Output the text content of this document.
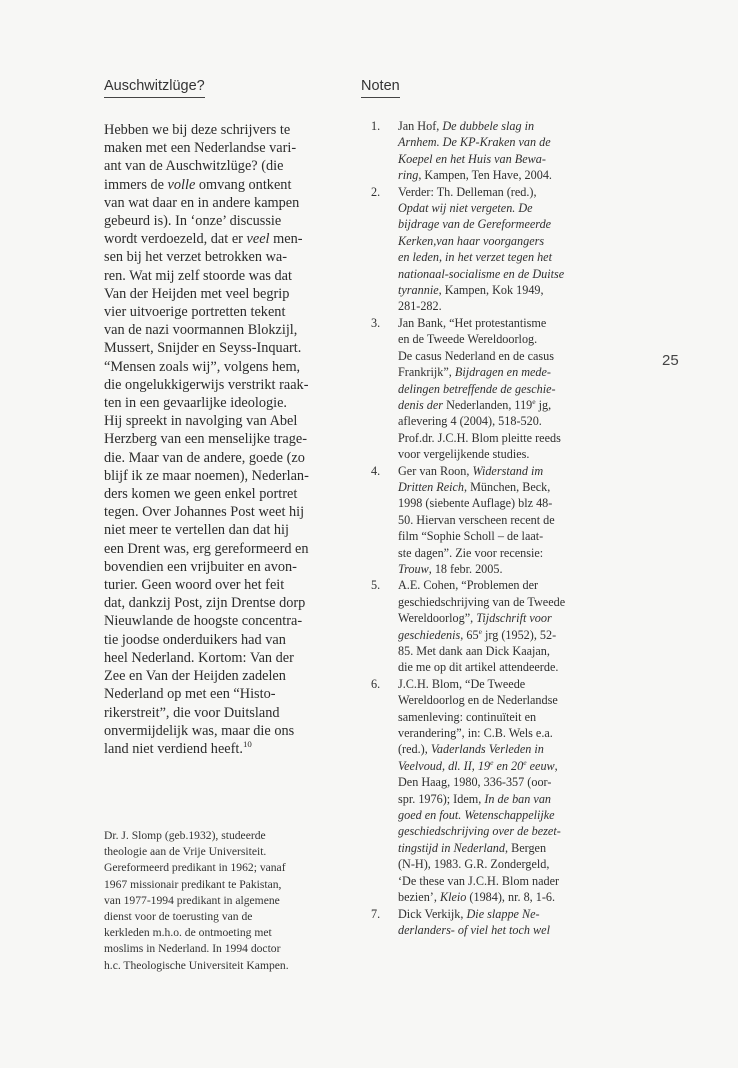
Auschwitzlüge?	Noten
Hebben we bij deze schrijvers te
maken met een Nederlandse vari-
ant van de Auschwitzlüge? (die
immers de volle omvang ontkent
van wat daar en in andere kampen
gebeurd is). In ‘onze’ discussie
wordt verdoezeld, dat er veel men-
sen bij het verzet betrokken wa-
ren. Wat mij zelf stoorde was dat
Van der Heijden met veel begrip
vier uitvoerige portretten tekent
van de nazi voormannen Blokzijl,
Mussert, Snijder en Seyss-Inquart.
“Mensen zoals wij”, volgens hem,
die ongelukkigerwijs verstrikt raak-
ten in een gevaarlijke ideologie.
Hij spreekt in navolging van Abel
Herzberg van een menselijke trage-
die. Maar van de andere, goede (zo
blijf ik ze maar noemen), Nederlan-
ders komen we geen enkel portret
tegen. Over Johannes Post weet hij
niet meer te vertellen dan dat hij
een Drent was, erg gereformeerd en
bovendien een vrijbuiter en avon-
turier. Geen woord over het feit
dat, dankzij Post, zijn Drentse dorp
Nieuwlande de hoogste concentra-
tie joodse onderduikers had van
heel Nederland. Kortom: Van der
Zee en Van der Heijden zadelen
Nederland op met een “Histo-
rikerstreit”, die voor Duitsland
onvermijdelijk was, maar die ons
land niet verdiend heeft.$^{10}$
Dr. J. Slomp (geb.1932), studeerde
theologie aan de Vrije Universiteit.
Gereformeerd predikant in 1962; vanaf
1967 missionair predikant te Pakistan,
van 1977-1994 predikant in algemene
dienst voor de toerusting van de
kerkleden m.h.o. de ontmoeting met
moslims in Nederland. In 1994 doctor
h.c. Theologische Universiteit Kampen.
1. Jan Hof, De dubbele slag in
Arnhem. De KP-Kraken van de
Koepel en het Huis van Bewa-
ring, Kampen, Ten Have, 2004.
2. Verder: Th. Delleman (red.),
Opdat wij niet vergeten. De
bijdrage van de Gereformeerde
Kerken,van haar voorgangers
en leden, in het verzet tegen het
nationaal-socialisme en de Duitse
tyrannie, Kampen, Kok 1949,
281-282.
3. Jan Bank, “Het protestantisme
en de Tweede Wereldoorlog.
De casus Nederland en de casus
Frankrijk”, Bijdragen en mede-
delingen betreffende de geschie-
denis der Nederlanden, 119e jg,
aflevering 4 (2004), 518-520.
Prof.dr. J.C.H. Blom pleitte reeds
voor vergelijkende studies.
4. Ger van Roon, Widerstand im
Dritten Reich, München, Beck,
1998 (siebente Auflage) blz 48-
50. Hiervan verscheen recent de
film “Sophie Scholl – de laat-
ste dagen”. Zie voor recensie:
Trouw, 18 febr. 2005.
5. A.E. Cohen, “Problemen der
geschiedschrijving van de Tweede
Wereldoorlog”, Tijdschrift voor
geschiedenis, 65e jrg (1952), 52-
85. Met dank aan Dick Kaajan,
die me op dit artikel attendeerde.
6. J.C.H. Blom, “De Tweede
Wereldoorlog en de Nederlandse
samenleving: continuïteit en
verandering”, in: C.B. Wels e.a.
(red.), Vaderlands Verleden in
Veelvoud, dl. II, 19e en 20e eeuw,
Den Haag, 1980, 336-357 (oor-
spr. 1976); Idem, In de ban van
goed en fout. Wetenschappelijke
geschiedschrijving over de bezet-
tingstijd in Nederland, Bergen
(N-H), 1983. G.R. Zondergeld,
‘De these van J.C.H. Blom nader
bezien’, Kleio (1984), nr. 8, 1-6.
7. Dick Verkijk, Die slappe Ne-
derlanders- of viel het toch wel
25
